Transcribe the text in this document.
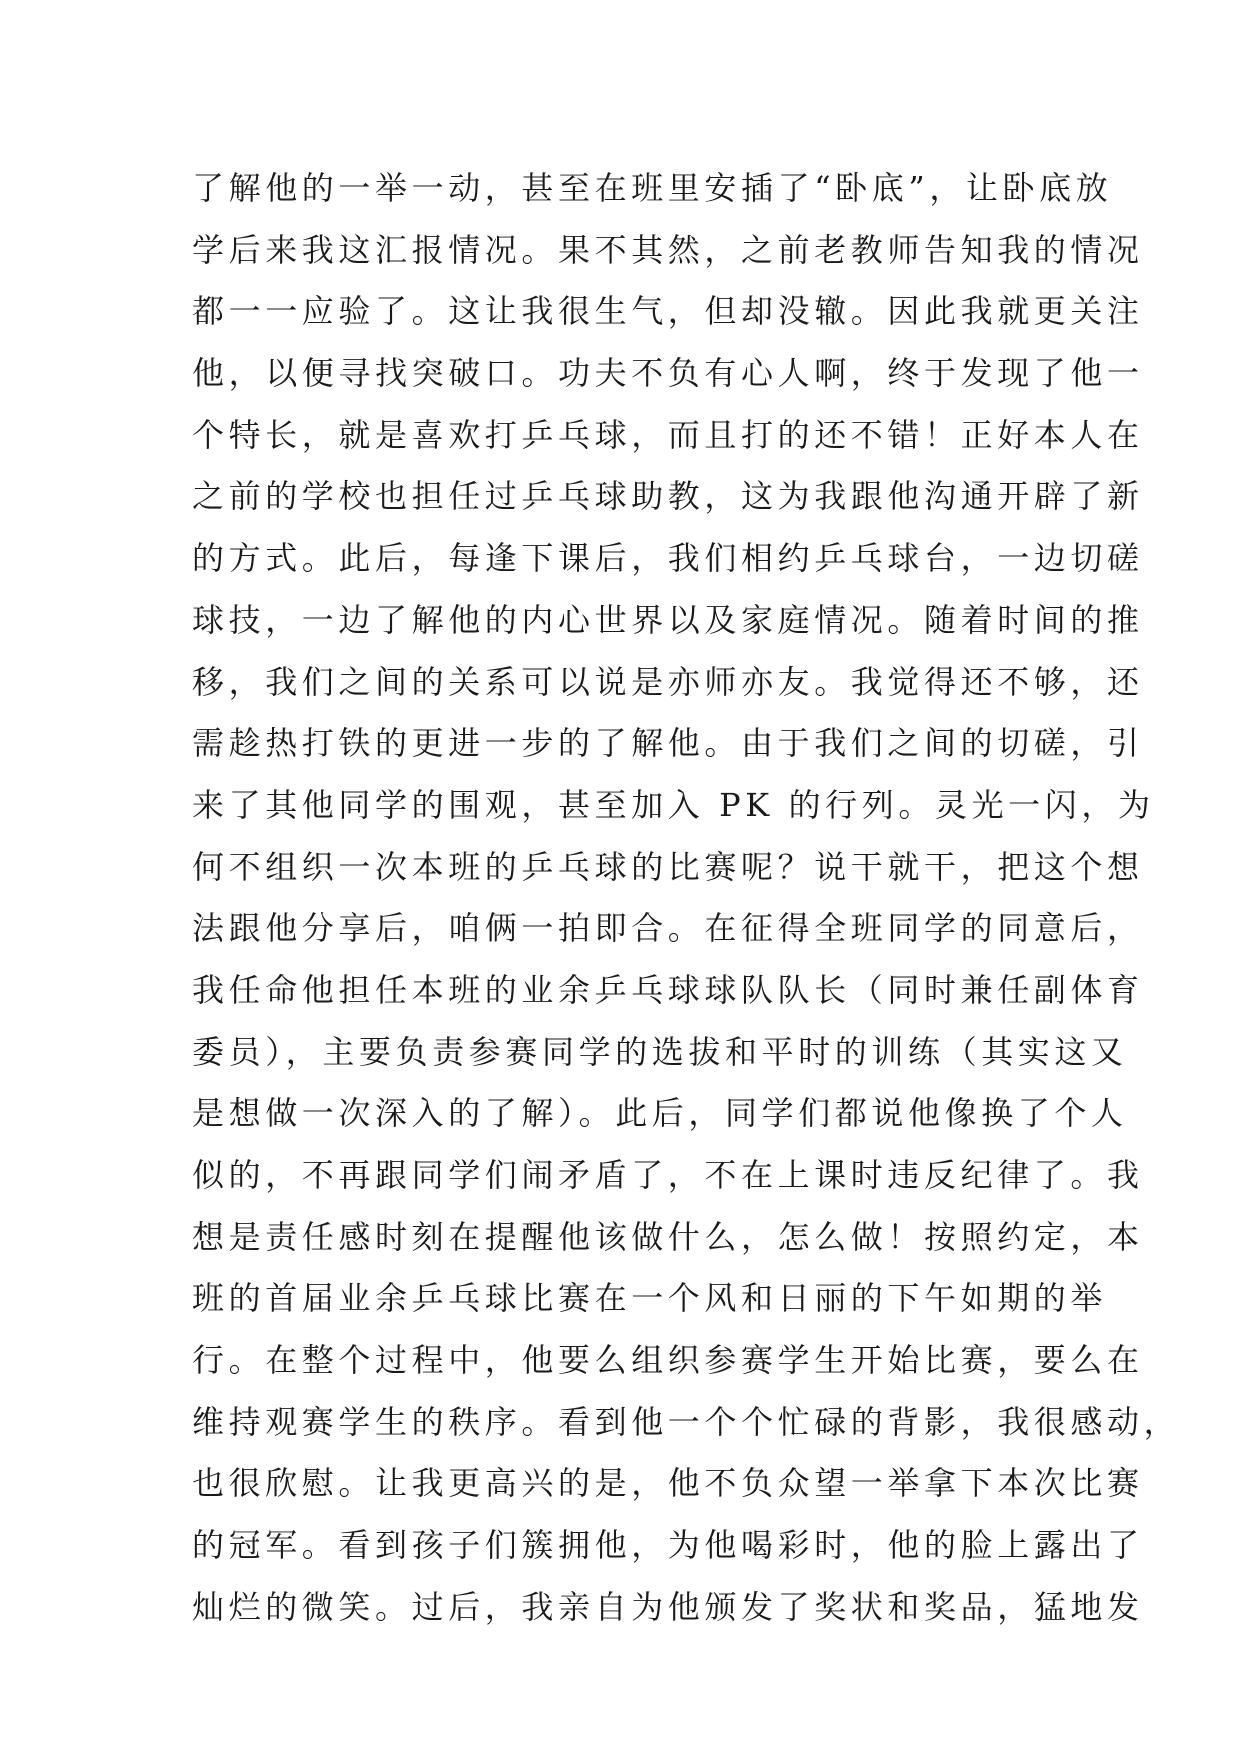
了解他的一举一动，甚至在班里安插了“卧底”，让卧底放
学后来我这汇报情况。果不其然，之前老教师告知我的情况
都一一应验了。这让我很生气，但却没辙。因此我就更关注
他，以便寻找突破口。功夫不负有心人啊，终于发现了他一
个特长，就是喜欢打乒乓球，而且打的还不错！正好本人在
之前的学校也担任过乒乓球助教，这为我跟他沟通开辟了新
的方式。此后，每逢下课后，我们相约乒乓球台，一边切磋
球技，一边了解他的内心世界以及家庭情况。随着时间的推
移，我们之间的关系可以说是亦师亦友。我觉得还不够，还
需趁热打铁的更进一步的了解他。由于我们之间的切磋，引
来了其他同学的围观，甚至加入 PK 的行列。灵光一闪，为
何不组织一次本班的乒乓球的比赛呢？说干就干，把这个想
法跟他分享后，咱俩一拍即合。在征得全班同学的同意后，
我任命他担任本班的业余乒乓球球队队长（同时兼任副体育
委员），主要负责参赛同学的选拔和平时的训练（其实这又
是想做一次深入的了解）。此后，同学们都说他像换了个人
似的，不再跟同学们闹矛盾了，不在上课时违反纪律了。我
想是责任感时刻在提醒他该做什么，怎么做！按照约定，本
班的首届业余乒乓球比赛在一个风和日丽的下午如期的举
行。在整个过程中，他要么组织参赛学生开始比赛，要么在
维持观赛学生的秩序。看到他一个个忙碌的背影，我很感动，
也很欣慰。让我更高兴的是，他不负众望一举拿下本次比赛
的冠军。看到孩子们簇拥他，为他喝彩时，他的脸上露出了
灿烂的微笑。过后，我亲自为他颁发了奖状和奖品，猛地发
